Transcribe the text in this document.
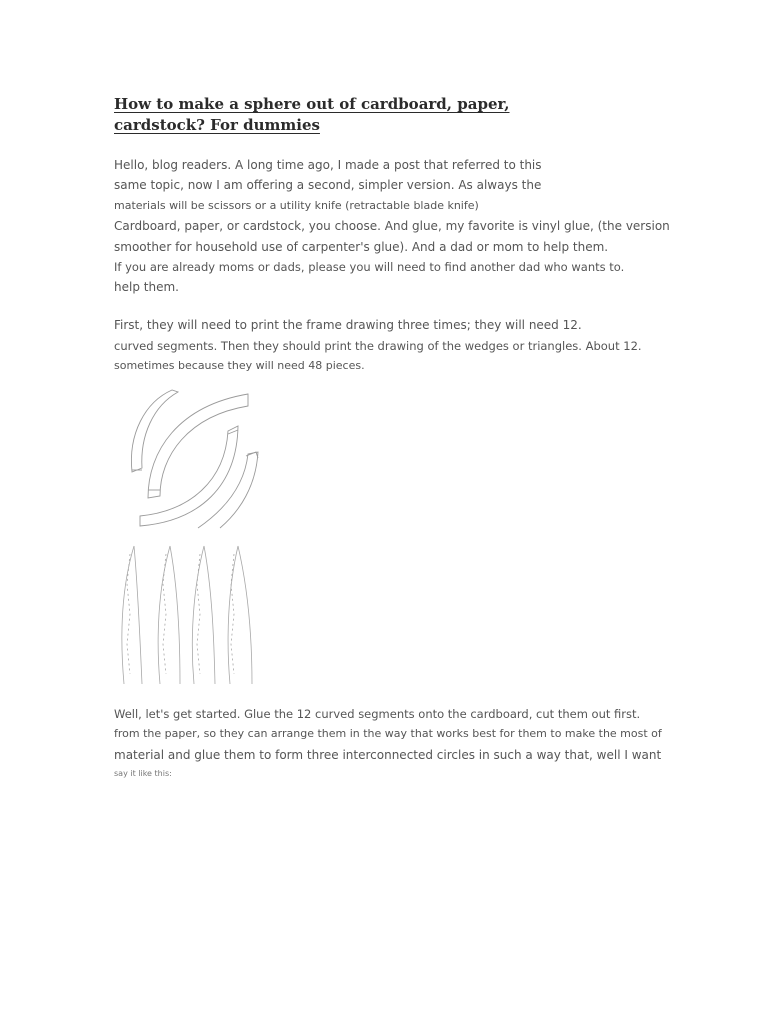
How to make a sphere out of cardboard, paper, cardstock? For dummies

Hello, blog readers. A long time ago, I made a post that referred to this

same topic, now I am offering a second, simpler version. As always the

materials will be scissors or a utility knife (retractable blade knife)

Cardboard, paper, or cardstock, you choose. And glue, my favorite is vinyl glue, (the version

smoother for household use of carpenter's glue). And a dad or mom to help them.

If you are already moms or dads, please you will need to find another dad who wants to.

help them.

First, they will need to print the frame drawing three times; they will need 12.

curved segments. Then they should print the drawing of the wedges or triangles. About 12.

sometimes because they will need 48 pieces.

Well, let's get started. Glue the 12 curved segments onto the cardboard, cut them out first.

from the paper, so they can arrange them in the way that works best for them to make the most of

material and glue them to form three interconnected circles in such a way that, well I want

say it like this:
